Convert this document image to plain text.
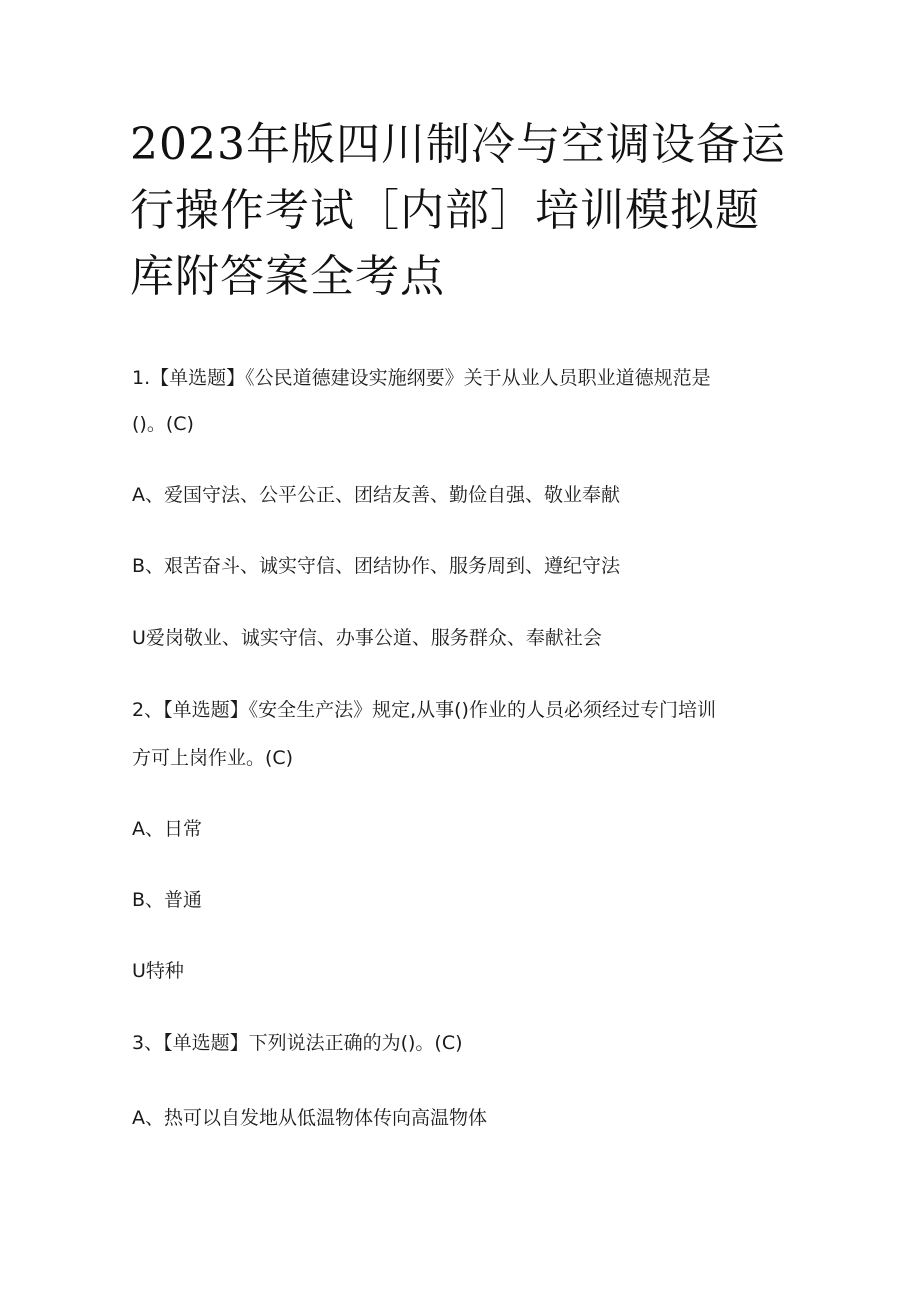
2023年版四川制冷与空调设备运行操作考试［内部］培训模拟题库附答案全考点
1.【单选题】《公民道德建设实施纲要》关于从业人员职业道德规范是
()。(C)
A、爱国守法、公平公正、团结友善、勤俭自强、敬业奉献
B、艰苦奋斗、诚实守信、团结协作、服务周到、遵纪守法
U爱岗敬业、诚实守信、办事公道、服务群众、奉献社会
2、【单选题】《安全生产法》规定,从事()作业的人员必须经过专门培训
方可上岗作业。(C)
A、日常
B、普通
U特种
3、【单选题】下列说法正确的为()。(C)
A、热可以自发地从低温物体传向高温物体
